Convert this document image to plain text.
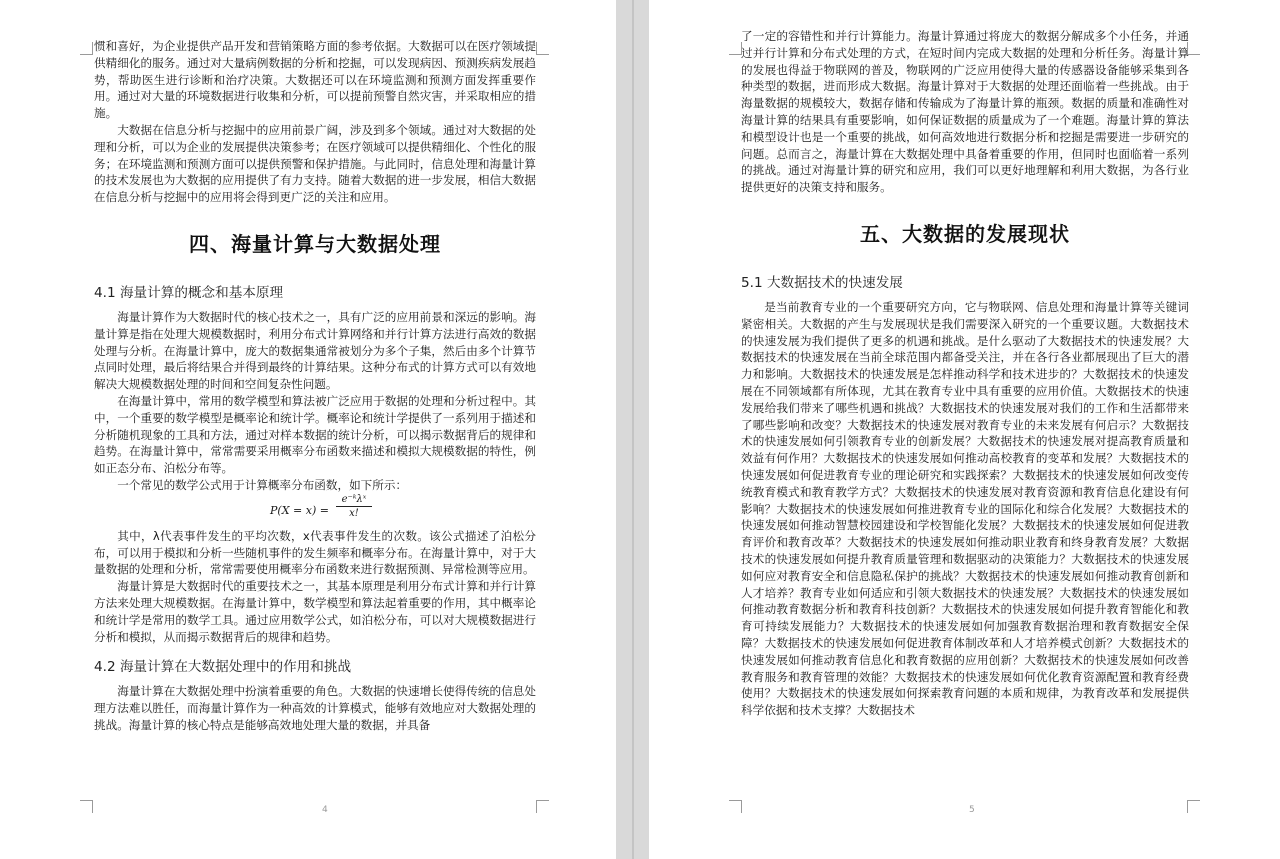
惯和喜好，为企业提供产品开发和营销策略方面的参考依据。大数据可以在医疗领域提供精细化的服务。通过对大量病例数据的分析和挖掘，可以发现病因、预测疾病发展趋势，帮助医生进行诊断和治疗决策。大数据还可以在环境监测和预测方面发挥重要作用。通过对大量的环境数据进行收集和分析，可以提前预警自然灾害，并采取相应的措施。

大数据在信息分析与挖掘中的应用前景广阔，涉及到多个领域。通过对大数据的处理和分析，可以为企业的发展提供决策参考；在医疗领域可以提供精细化、个性化的服务；在环境监测和预测方面可以提供预警和保护措施。与此同时，信息处理和海量计算的技术发展也为大数据的应用提供了有力支持。随着大数据的进一步发展，相信大数据在信息分析与挖掘中的应用将会得到更广泛的关注和应用。

四、海量计算与大数据处理
4.1 海量计算的概念和基本原理

海量计算作为大数据时代的核心技术之一，具有广泛的应用前景和深远的影响。海量计算是指在处理大规模数据时，利用分布式计算网络和并行计算方法进行高效的数据处理与分析。在海量计算中，庞大的数据集通常被划分为多个子集，然后由多个计算节点同时处理，最后将结果合并得到最终的计算结果。这种分布式的计算方式可以有效地解决大规模数据处理的时间和空间复杂性问题。

在海量计算中，常用的数学模型和算法被广泛应用于数据的处理和分析过程中。其中，一个重要的数学模型是概率论和统计学。概率论和统计学提供了一系列用于描述和分析随机现象的工具和方法，通过对样本数据的统计分析，可以揭示数据背后的规律和趋势。在海量计算中，常常需要采用概率分布函数来描述和模拟大规模数据的特性，例如正态分布、泊松分布等。

一个常见的数学公式用于计算概率分布函数，如下所示：

P(X = x) =
e⁻ᵏλˣ
x!

其中，λ代表事件发生的平均次数，x代表事件发生的次数。该公式描述了泊松分布，可以用于模拟和分析一些随机事件的发生频率和概率分布。在海量计算中，对于大量数据的处理和分析，常常需要使用概率分布函数来进行数据预测、异常检测等应用。

海量计算是大数据时代的重要技术之一，其基本原理是利用分布式计算和并行计算方法来处理大规模数据。在海量计算中，数学模型和算法起着重要的作用，其中概率论和统计学是常用的数学工具。通过应用数学公式，如泊松分布，可以对大规模数据进行分析和模拟，从而揭示数据背后的规律和趋势。

4.2 海量计算在大数据处理中的作用和挑战

海量计算在大数据处理中扮演着重要的角色。大数据的快速增长使得传统的信息处理方法难以胜任，而海量计算作为一种高效的计算模式，能够有效地应对大数据处理的挑战。海量计算的核心特点是能够高效地处理大量的数据，并具备

4

了一定的容错性和并行计算能力。海量计算通过将庞大的数据分解成多个小任务，并通过并行计算和分布式处理的方式，在短时间内完成大数据的处理和分析任务。海量计算的发展也得益于物联网的普及，物联网的广泛应用使得大量的传感器设备能够采集到各种类型的数据，进而形成大数据。海量计算对于大数据的处理还面临着一些挑战。由于海量数据的规模较大，数据存储和传输成为了海量计算的瓶颈。数据的质量和准确性对海量计算的结果具有重要影响，如何保证数据的质量成为了一个难题。海量计算的算法和模型设计也是一个重要的挑战，如何高效地进行数据分析和挖掘是需要进一步研究的问题。总而言之，海量计算在大数据处理中具备着重要的作用，但同时也面临着一系列的挑战。通过对海量计算的研究和应用，我们可以更好地理解和利用大数据，为各行业提供更好的决策支持和服务。

五、大数据的发展现状
5.1 大数据技术的快速发展

是当前教育专业的一个重要研究方向，它与物联网、信息处理和海量计算等关键词紧密相关。大数据的产生与发展现状是我们需要深入研究的一个重要议题。大数据技术的快速发展为我们提供了更多的机遇和挑战。是什么驱动了大数据技术的快速发展？大数据技术的快速发展在当前全球范围内都备受关注，并在各行各业都展现出了巨大的潜力和影响。大数据技术的快速发展是怎样推动科学和技术进步的？大数据技术的快速发展在不同领域都有所体现，尤其在教育专业中具有重要的应用价值。大数据技术的快速发展给我们带来了哪些机遇和挑战？大数据技术的快速发展对我们的工作和生活都带来了哪些影响和改变？大数据技术的快速发展对教育专业的未来发展有何启示？大数据技术的快速发展如何引领教育专业的创新发展？大数据技术的快速发展对提高教育质量和效益有何作用？大数据技术的快速发展如何推动高校教育的变革和发展？大数据技术的快速发展如何促进教育专业的理论研究和实践探索？大数据技术的快速发展如何改变传统教育模式和教育教学方式？大数据技术的快速发展对教育资源和教育信息化建设有何影响？大数据技术的快速发展如何推进教育专业的国际化和综合化发展？大数据技术的快速发展如何推动智慧校园建设和学校智能化发展？大数据技术的快速发展如何促进教育评价和教育改革？大数据技术的快速发展如何推动职业教育和终身教育发展？大数据技术的快速发展如何提升教育质量管理和数据驱动的决策能力？大数据技术的快速发展如何应对教育安全和信息隐私保护的挑战？大数据技术的快速发展如何推动教育创新和人才培养？教育专业如何适应和引领大数据技术的快速发展？大数据技术的快速发展如何推动教育数据分析和教育科技创新？大数据技术的快速发展如何提升教育智能化和教育可持续发展能力？大数据技术的快速发展如何加强教育数据治理和教育数据安全保障？大数据技术的快速发展如何促进教育体制改革和人才培养模式创新？大数据技术的快速发展如何推动教育信息化和教育数据的应用创新？大数据技术的快速发展如何改善教育服务和教育管理的效能？大数据技术的快速发展如何优化教育资源配置和教育经费使用？大数据技术的快速发展如何探索教育问题的本质和规律，为教育改革和发展提供科学依据和技术支撑？大数据技术

5
